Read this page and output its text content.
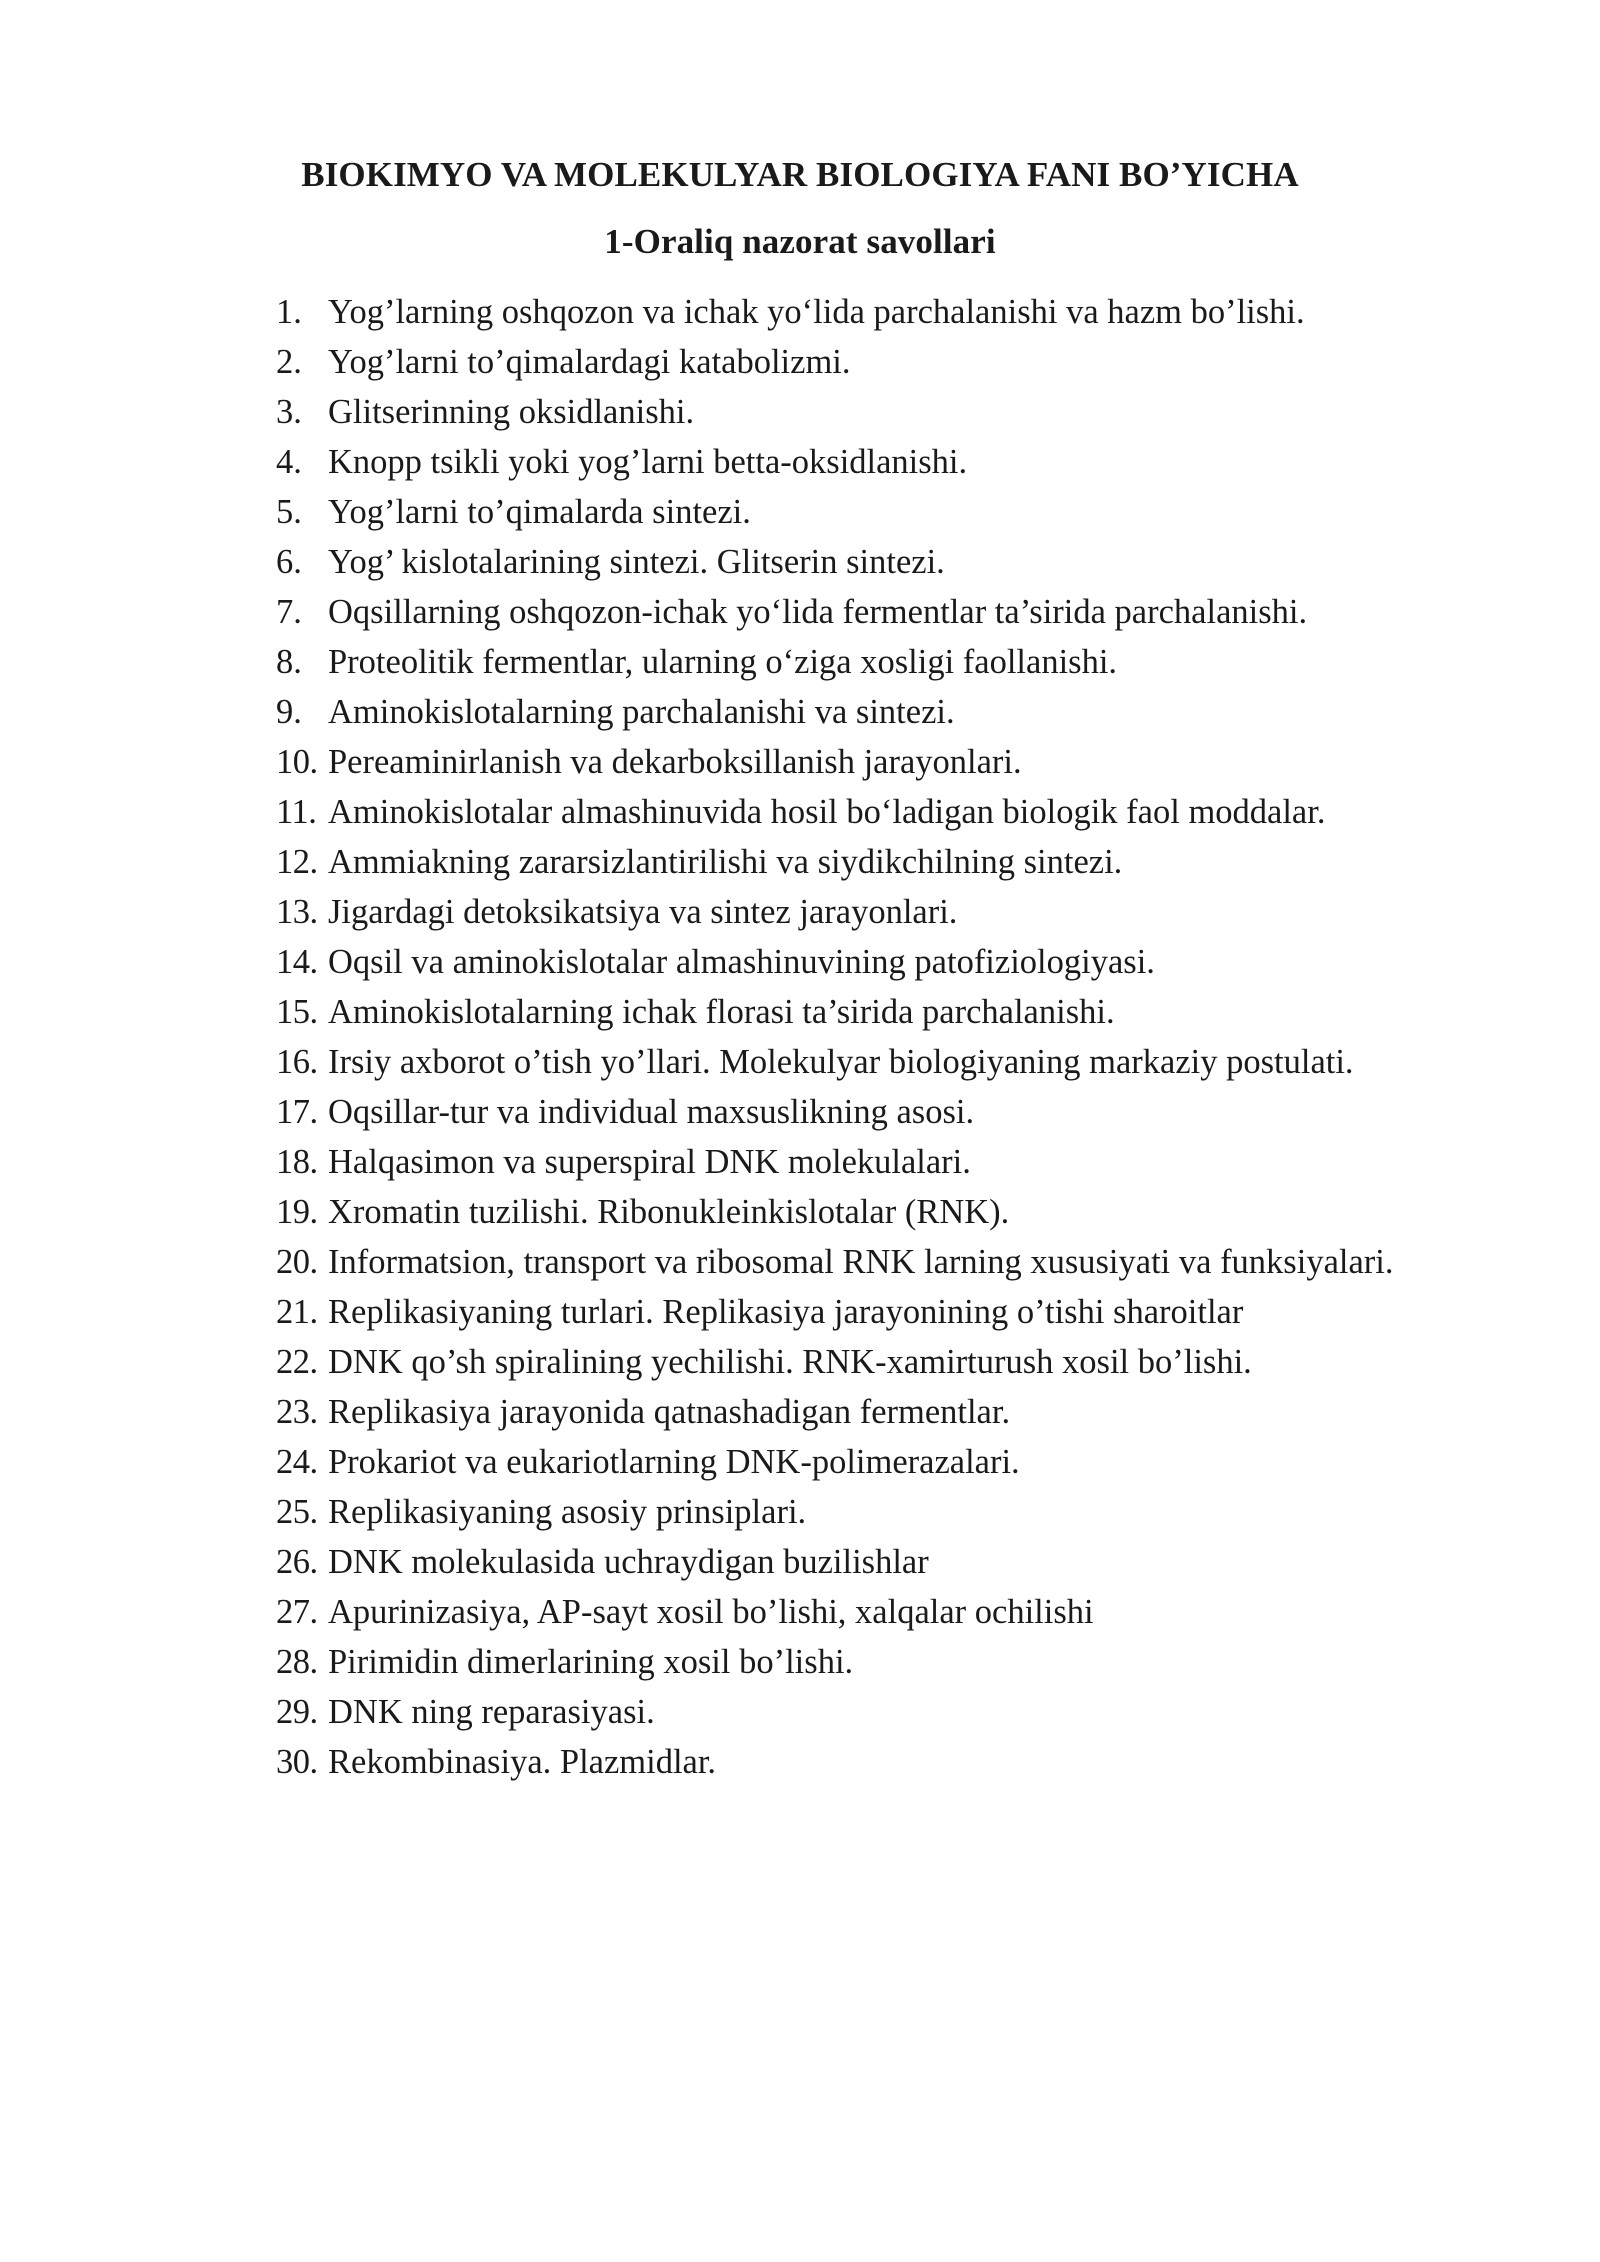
BIOKIMYO VA MOLEKULYAR BIOLOGIYA FANI BO’YICHA
1-Oraliq nazorat savollari
1. Yog’larning oshqozon va ichak yo‘lida parchalanishi va hazm bo’lishi.
2. Yog’larni to’qimalardagi katabolizmi.
3. Glitserinning oksidlanishi.
4. Knopp tsikli yoki yog’larni betta-oksidlanishi.
5. Yog’larni to’qimalarda sintezi.
6. Yog’ kislotalarining sintezi. Glitserin sintezi.
7. Oqsillarning oshqozon-ichak yo‘lida fermentlar ta’sirida parchalanishi.
8. Proteolitik fermentlar, ularning o‘ziga xosligi faollanishi.
9. Aminokislotalarning parchalanishi va sintezi.
10. Pereaminirlanish va dekarboksillanish jarayonlari.
11. Aminokislotalar almashinuvida hosil bo‘ladigan biologik faol moddalar.
12. Ammiakning zararsizlantirilishi va siydikchilning sintezi.
13. Jigardagi detoksikatsiya va sintez jarayonlari.
14. Oqsil va aminokislotalar almashinuvining patofiziologiyasi.
15. Aminokislotalarning ichak florasi ta’sirida parchalanishi.
16. Irsiy axborot o’tish yo’llari. Molekulyar biologiyaning markaziy postulati.
17. Oqsillar-tur va individual maxsuslikning asosi.
18. Halqasimon va superspiral DNK molekulalari.
19. Xromatin tuzilishi. Ribonukleinkislotalar (RNK).
20. Informatsion, transport va ribosomal RNK larning xususiyati va funksiyalari.
21. Replikasiyaning turlari. Replikasiya jarayonining o’tishi sharoitlar
22. DNK qo’sh spiralining yechilishi. RNK-xamirturush xosil bo’lishi.
23. Replikasiya jarayonida qatnashadigan fermentlar.
24. Prokariot va eukariotlarning DNK-polimerazalari.
25. Replikasiyaning asosiy prinsiplari.
26. DNK molekulasida uchraydigan buzilishlar
27. Apurinizasiya, AP-sayt xosil bo’lishi, xalqalar ochilishi
28. Pirimidin dimerlarining xosil bo’lishi.
29. DNK ning reparasiyasi.
30. Rekombinasiya. Plazmidlar.
